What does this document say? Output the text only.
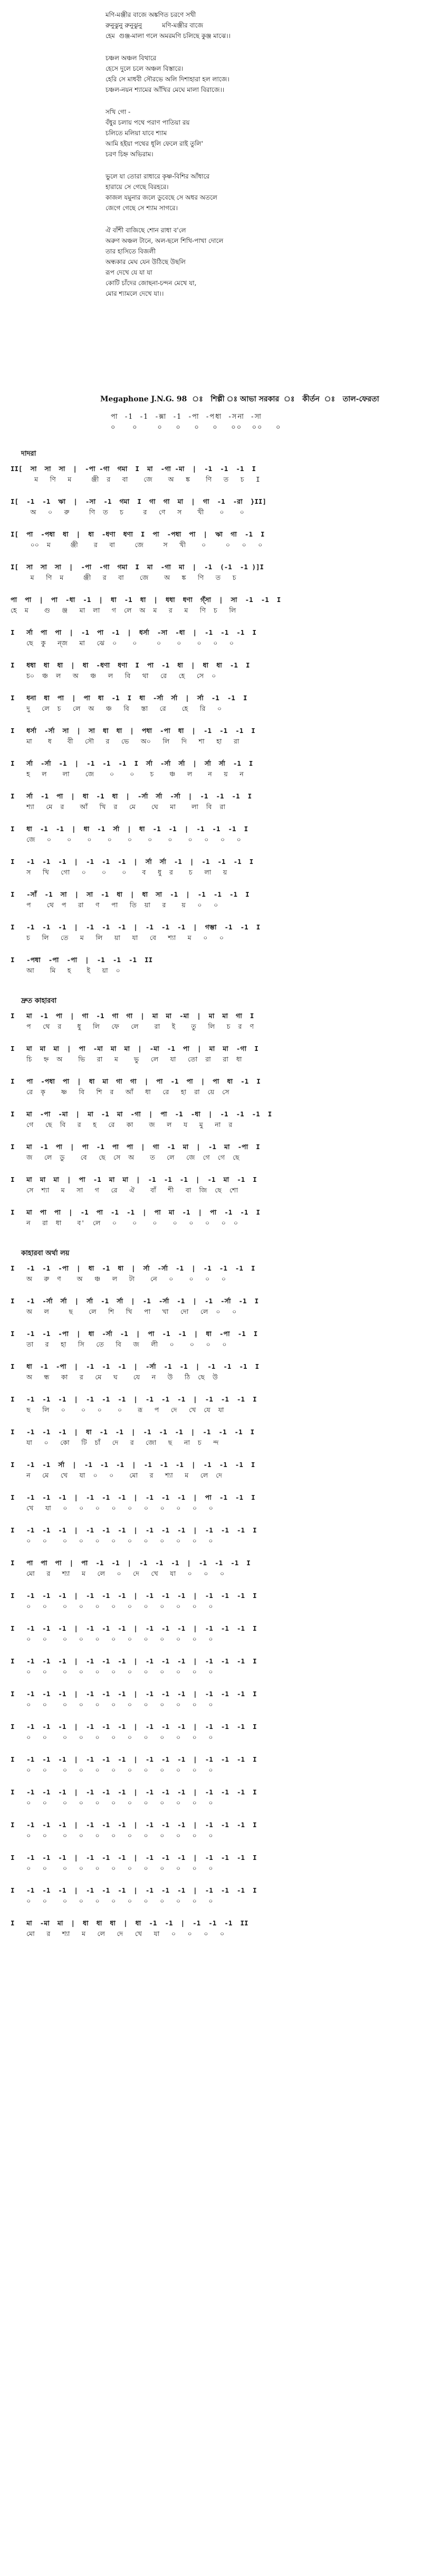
মণি-মঞ্জীর বাজে অঙ্কণিত চরণে সখী
রুনুঝুনু রুনুঝুনু          মণি-মঞ্জীর বাজে
হেম  গুঞ্জ-মালা গলে অমরমণি চলিছে কুঞ্জ মাঝে।।
চঞ্চল অঞ্চল বিথারে
হেসে দুলে চলে অঞ্চল বিস্তারে।
হেরি সে মাধবী সৌরভে অলি দিশাহারা হল লাজে।
চঞ্চল-নয়ন শ্যামের আঁখির মেঘে মালা বিরাজে।।
সখি গো -
বঁধুর চলায় পথে পরাণ পাতিয়া রয়
চলিতে মলিয়া যাবে শ্যাম
আমি হইয়া পথের ধূলি ফেলে রাই তুলি'
চরণ চিহ্ন অভিরাম।
ভুলে যা তোরা রাধারে কৃষ্ণ-বিশির আঁধারে
হারায়ে সে গেছে বিরহরে।
কাজল যমুনার জলে ডুবেছে সে অধর অতলে
জেগে গেছে সে শ্যাম সাগরে।
ঐ বাঁশী বাজিছে শোন রাধা ব'লে
অরুণ অঞ্চল টানে, অল-ছলে শিখি-পাখা দোলে
তার হাসিতে বিজলী
অন্ধকার মেঘ যেন উঠিছে উছলি
রূপ দেখে যে যা যা
কোটি চাঁদের জোছনা-চন্দন মেখে যা,
মোর শ্যামলে দেখে যা।।
Megaphone J.N.G. 98  ঃ   শিল্পী ঃ আভা সরকার  ঃ   কীর্তন  ঃ   তাল-ফেরতা
পা  -1  -1  -ক্সা  -1  -পা  -পধা  -সনা  -সা
০     ০      ০    ০    ০    ০    ০০   ০০    ০
দাদরা
II[  সা  সা  সা  |  -পা -গা  গমা  I  মা  -গা -মা  |  -1  -1  -1  I
ম   ণি   ম     ঞ্জী  র   বা    জে    অ   ঙ্ক    ণি   ত   চ   I
I[  -1  -1  ঋা  |  -সা  -1  গমা  I  গা  গা  মা  |  গা  -1  -রা  }II]
অ   ০   রু     ণি  ত   চ     র   ণে   স    খী    ০    ০
I[  পা  -পধা  ধা  |  ধা  -ধণা  ধণা  I  পা  -পধা  পা  |  ঋা  গা  -1  I
০০  ম     ঞ্জী    র   বা     জে     স   খী    ০     ০   ০   ০
I[  সা  সা  সা  |  -পা  -গা  গমা  I  মা  -গা  মা  |  -1  (-1  -1 )]I
ম   ণি  ম     ঞ্জী   র   বা    জে    অ   ঙ্ক   ণি   ত   চ
পা  পা  |  পা  -ধা  -1  |  ধা  -1  ধা  |  ধধা  ধণা  গ্ঁসা  |  সা  -1  -1  I
হে  ম    গু   ঞ্জ   মা  লা   গ  লে  অ  ম   র   ম   ণি  চ   লি
I   র্সা  পা  পা  |  -1  পা  -1  |  ধর্সা  -সা  -ধা  |  -1  -1  -1  I
ছে  কু   ন্জ   মা   ঝে  ০    ০     ০    ০    ০   ০   ০
I   ধধা  ধা  ধা  |  ধা  -ধণা  ধণা  I  পা  -1  ধা  |  ধা  ধা  -1  I
চ০  ঞ্চ  ল   অ   ঞ্চ   ল   বি   থা   রে   হে   সে  ০
I   ধনা  ধা  পা  |  পা  ধা  -1  I  ধা  -র্সা  র্সা  |  র্সা  -1  -1  I
দু   লে  চ   লে  অ   ঞ্চ   বি   স্তা   রে    হে   রি   ০
I   ধর্সা  -র্সা  সা  |  সা  ধা  ধা  |  পধা  -পা  ধা  |  -1  -1  -1  I
মা    ধ    বী   সৌ   র   ভে   অ০   লি   দি   শা   হা   রা
I   র্সা  -র্সা  -1  |  -1  -1  -1  I  র্সা  -র্সা  র্সা  |  র্সা  র্সা  -1  I
হ   ল    লা    জে    ০    ০    চ    ঞ্চ   ল    ন   য়   ন
I   র্সা  -1  পা  |  ধা  -1  ধা  |  -র্সা  র্সা  -র্সা  |  -1  -1  -1  I
শ্যা   মে  র    আঁ   খি  র   মে    ঘে   মা    লা  বি  রা
I   ধা  -1  -1  |  ধা  -1  র্সা  |  ধা  -1  -1  |  -1  -1  -1  I
জে   ০    ০    ০    ০    ০    ০    ০    ০   ০   ০   ০
I   -1  -1  -1  |  -1  -1  -1  |  র্সা  র্সা  -1  |  -1  -1  -1  I
স   খি   গো   ০    ০    ০    ব   ধু  র    চ   লা   য়
I   -সাঁ  -1  সা  |  সা  -1  ধা  |  ধা  সা  -1  |  -1  -1  -1  I
প    থে  প   রা   ণ   পা   তি  য়া   র    য়   ০   ০
I   -1  -1  -1  |  -1  -1  -1  |  -1  -1  -1  |  গম্ভা  -1  -1  I
চ   লি   তে   ম   লি   য়া   যা   বে   শ্যা   ম   ০   ০
I   -পধা  -পা  -পা  |  -1  -1  -1  II
আ    মি   হ    ই   য়া  ০
দ্রুত কাহারবা
I   মা  -1  পা  |  গা  -1  গা  গা  |  মা  মা  -মা  |  মা  মা  গা  I
প   থে  র    ধু   লি   ফে   লে    রা   ই    তু   লি   চ  র  ণ
I   মা  মা  মা  |  পা  -মা  মা  মা  |  -মা  -1  পা  |  মা  মা  -গা  I
চি   হ্ন  অ    ভি   রা   ম    ভু   লে   যা   তো  রা   রা  ধা
I   পা  -পধা  পা  |  ধা  মা  গা  গা  |  পা  -1  পা  |  পা  ধা  -1  I
রে  কৃ    ষ্ণ   বি   শি  র   আঁ   ধা   রে   হা  রা  য়ে  সে
I   মা  -পা  -মা  |  মা  -1  মা  -গা  |  পা  -1  -ধা  |  -1  -1  -1  I
গে   ছে  বি   র   হ   রে   কা    জ   ল   য   মু   না  র
I   মা  -1  পা  |  পা  -1  পা  পা  |  গা  -1  মা  |  -1  মা  -পা  I
জ   লে  ডু    বে   ছে  সে  অ    ত   লে   জে  গে  গে  ছে
I   মা  মা  মা  |  পা  -1  মা  মা  |  -1  -1  -1  |  -1  মা  -1  I
সে  শ্যা   ম   সা   গ   রে   ঐ    বাঁ   শী   বা  জি  ছে  শো
I   মা  পা  পা  |  -1  পা  -1  -1  |  পা  মা  -1  |  পা  -1  -1  I
ন   রা  ধা    ব'  লে   ০    ০    ০    ০   ০   ০   ০  ০
কাহারবা অর্থা লয়
I   -1  -1  -পা  |  ধা  -1  ধা  |  র্সা  -র্সা  -1  |  -1  -1  -1  I
অ   রু  ণ    অ   ঞ্চ   ল   টা    নে   ০    ০   ০   ০
I   -1  -র্সা  র্সা  |  র্সা  -1  র্সা  |  -1  -র্সা  -1  |  -1  -র্সা  -1  I
অ   ল     ছ    লে   শি   খি   পা   খা   দো   লে  ০   ০
I   -1  -1  -পা  |  ধা  -র্সা  -1  |  পা  -1  -1  |  ধা  -পা  -1  I
তা   র   হা   সি   তে   বি   জ   লী   ০    ০   ০   ০
I   ধা  -1  -পা  |  -1  -1  -1  |  -র্সা  -1  -1  |  -1  -1  -1  I
অ   ন্ধ   কা   র   মে   ঘ    যে   ন   উ   ঠি  ছে  উ
I   -1  -1  -1  |  -1  -1  -1  |  -1  -1  -1  |  -1  -1  -1  I
ছ   লি   ০    ০   ০    ০    রূ   প   দে   খে  যে  যা
I   -1  -1  -1  |  ধা  -1  -1  |  -1  -1  -1  |  -1  -1  -1  I
যা   ০   কো   টি  চাঁ   দে   র   জো   ছ   না  চ   ন্দ
I   -1  -1  র্সা  |  -1  -1  -1  |  -1  -1  -1  |  -1  -1  -1  I
ন   মে   খে   যা  ০   ০    মো   র   শ্যা   ম   লে  দে
I   -1  -1  -1  |  -1  -1  -1  |  -1  -1  -1  |  পা  -1  -1  I
খে   যা   ০   ০   ০   ০   ০   ০   ০   ০   ০   ০
I   -1  -1  -1  |  -1  -1  -1  |  -1  -1  -1  |  -1  -1  -1  I
০   ০    ০   ০   ০   ০   ০   ০   ০   ০   ০   ০
I   পা  পা  পা  |  পা  -1  -1  |  -1  -1  -1  |  -1  -1  -1  I
মো   র   শ্যা   ম   লে   ০   দে   খে   যা   ০   ০   ০
I   -1  -1  -1  |  -1  -1  -1  |  -1  -1  -1  |  -1  -1  -1  I
০   ০    ০   ০   ০   ০   ০   ০   ০   ০   ০   ০
I   -1  -1  -1  |  -1  -1  -1  |  -1  -1  -1  |  -1  -1  -1  I
০   ০    ০   ০   ০   ০   ০   ০   ০   ০   ০   ০
I   -1  -1  -1  |  -1  -1  -1  |  -1  -1  -1  |  -1  -1  -1  I
০   ০    ০   ০   ০   ০   ০   ০   ০   ০   ০   ০
I   -1  -1  -1  |  -1  -1  -1  |  -1  -1  -1  |  -1  -1  -1  I
০   ০    ০   ০   ০   ০   ০   ০   ০   ০   ০   ০
I   -1  -1  -1  |  -1  -1  -1  |  -1  -1  -1  |  -1  -1  -1  I
০   ০    ০   ০   ০   ০   ০   ০   ০   ০   ০   ০
I   -1  -1  -1  |  -1  -1  -1  |  -1  -1  -1  |  -1  -1  -1  I
০   ০    ০   ০   ০   ০   ০   ০   ০   ০   ০   ০
I   -1  -1  -1  |  -1  -1  -1  |  -1  -1  -1  |  -1  -1  -1  I
০   ০    ০   ০   ০   ০   ০   ০   ০   ০   ০   ০
I   -1  -1  -1  |  -1  -1  -1  |  -1  -1  -1  |  -1  -1  -1  I
০   ০    ০   ০   ০   ০   ০   ০   ০   ০   ০   ০
I   -1  -1  -1  |  -1  -1  -1  |  -1  -1  -1  |  -1  -1  -1  I
০   ০    ০   ০   ০   ০   ০   ০   ০   ০   ০   ০
I   -1  -1  -1  |  -1  -1  -1  |  -1  -1  -1  |  -1  -1  -1  I
০   ০    ০   ০   ০   ০   ০   ০   ০   ০   ০   ০
I   মা  -মা  মা  |  ধা  ধা  ধা  |  ধা  -1  -1  |  -1  -1  -1  II
মো   র   শ্যা   ম   লে   দে   খে   যা   ০   ০   ০   ০
